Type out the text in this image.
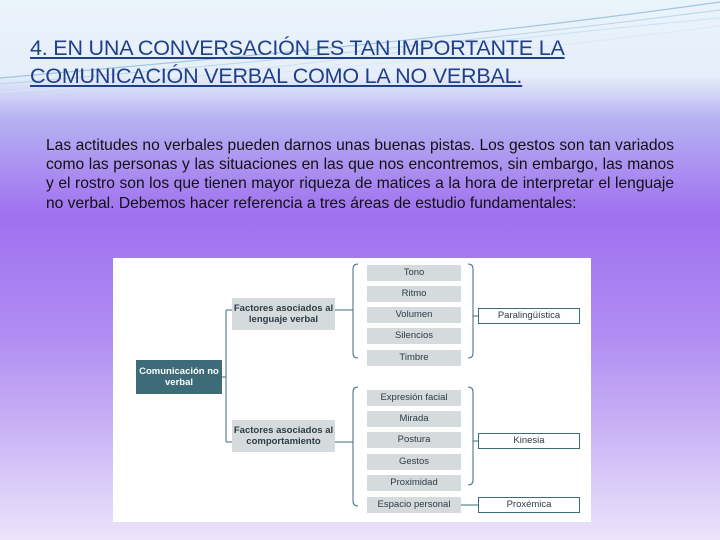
4. EN UNA CONVERSACIÓN ES TAN IMPORTANTE LA COMUNICACIÓN VERBAL COMO LA NO VERBAL.
Las actitudes no verbales pueden darnos unas buenas pistas. Los gestos son tan variados como las personas y las situaciones en las que nos encontremos, sin embargo, las manos y el rostro son los que tienen mayor riqueza de matices a la hora de interpretar el lenguaje no verbal. Debemos hacer referencia a tres áreas de estudio fundamentales:
Comunicación no verbal
Factores asociados al lenguaje verbal
Factores asociados al comportamiento
Tono
Ritmo
Volumen
Silencios
Timbre
Expresión facial
Mirada
Postura
Gestos
Proximidad
Espacio personal
Paralingüística
Kinesia
Proxémica
